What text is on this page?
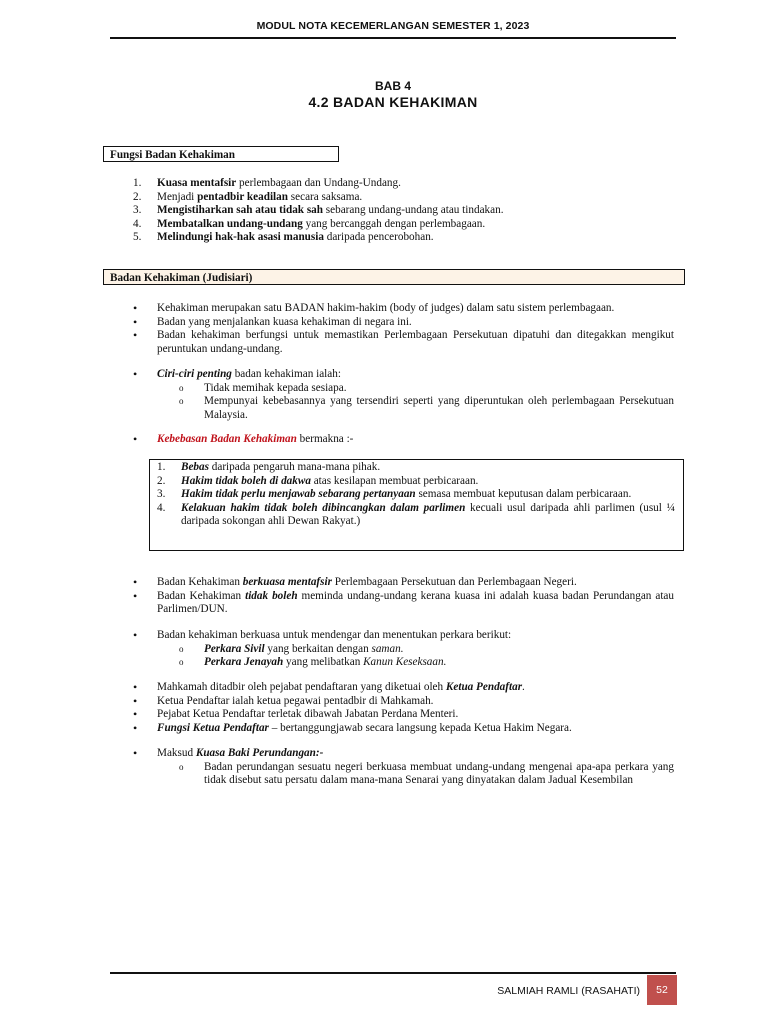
MODUL NOTA KECEMERLANGAN SEMESTER 1, 2023
BAB 4
4.2 BADAN KEHAKIMAN
Fungsi Badan Kehakiman
1.	Kuasa mentafsir perlembagaan dan Undang-Undang.
2.	Menjadi pentadbir keadilan secara saksama.
3.	Mengistiharkan sah atau tidak sah sebarang undang-undang atau tindakan.
4.	Membatalkan undang-undang yang bercanggah dengan perlembagaan.
5.	Melindungi hak-hak asasi manusia daripada pencerobohan.
Badan Kehakiman (Judisiari)
•	Kehakiman merupakan satu BADAN hakim-hakim (body of judges) dalam satu sistem perlembagaan.
•	Badan yang menjalankan kuasa kehakiman di negara ini.
•	Badan kehakiman berfungsi untuk memastikan Perlembagaan Persekutuan dipatuhi dan ditegakkan mengikut peruntukan undang-undang.
•	Ciri-ciri penting badan kehakiman ialah:
o	Tidak memihak kepada sesiapa.
o	Mempunyai kebebasannya yang tersendiri seperti yang diperuntukan oleh perlembagaan Persekutuan Malaysia.
•	Kebebasan Badan Kehakiman bermakna :-
1.	Bebas daripada pengaruh mana-mana pihak.
2.	Hakim tidak boleh di dakwa atas kesilapan membuat perbicaraan.
3.	Hakim tidak perlu menjawab sebarang pertanyaan semasa membuat keputusan dalam perbicaraan.
4.	Kelakuan hakim tidak boleh dibincangkan dalam parlimen kecuali usul daripada ahli parlimen (usul ¼ daripada sokongan ahli Dewan Rakyat.)
•	Badan Kehakiman berkuasa mentafsir Perlembagaan Persekutuan dan Perlembagaan Negeri.
•	Badan Kehakiman tidak boleh meminda undang-undang kerana kuasa ini adalah kuasa badan Perundangan atau Parlimen/DUN.
•	Badan kehakiman berkuasa untuk mendengar dan menentukan perkara berikut:
o	Perkara Sivil yang berkaitan dengan saman.
o	Perkara Jenayah yang melibatkan Kanun Keseksaan.
•	Mahkamah ditadbir oleh pejabat pendaftaran yang diketuai oleh Ketua Pendaftar.
•	Ketua Pendaftar ialah ketua pegawai pentadbir di Mahkamah.
•	Pejabat Ketua Pendaftar terletak dibawah Jabatan Perdana Menteri.
•	Fungsi Ketua Pendaftar – bertanggungjawab secara langsung kepada Ketua Hakim Negara.
•	Maksud Kuasa Baki Perundangan:-
o	Badan perundangan sesuatu negeri berkuasa membuat undang-undang mengenai apa-apa perkara yang tidak disebut satu persatu dalam mana-mana Senarai yang dinyatakan dalam Jadual Kesembilan
SALMIAH RAMLI (RASAHATI)	52
